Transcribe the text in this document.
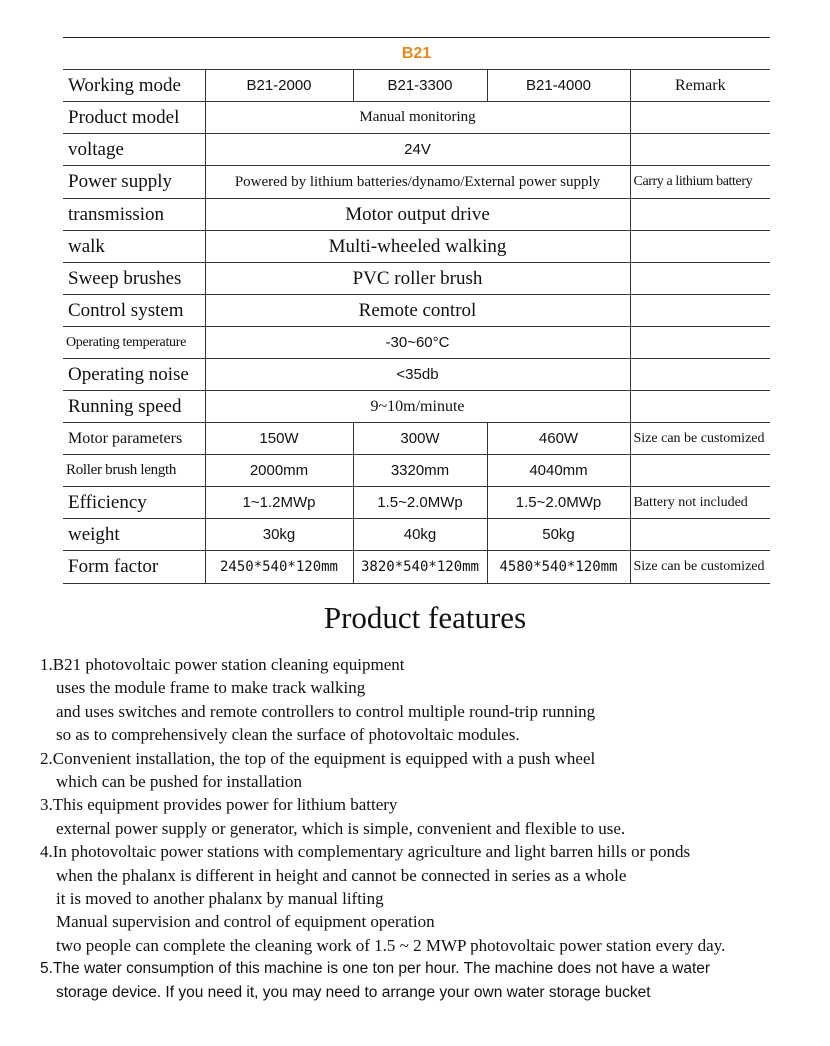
B21				
Working mode	B21-2000	B21-3300	B21-4000	Remark
Product model	Manual monitoring			
voltage	24V			
Power supply	Powered by lithium batteries/dynamo/External power supply			Carry a lithium battery
transmission	Motor output drive			
walk	Multi-wheeled walking			
Sweep brushes	PVC roller brush			
Control system	Remote control			
Operating temperature	-30~60°C			
Operating noise	<35db			
Running speed	9~10m/minute			
Motor parameters	150W	300W	460W	Size can be customized
Roller brush length	2000mm	3320mm	4040mm	
Efficiency	1~1.2MWp	1.5~2.0MWp	1.5~2.0MWp	Battery not included
weight	30kg	40kg	50kg	
Form factor	2450*540*120mm	3820*540*120mm	4580*540*120mm	Size can be customized
Product features
1.B21 photovoltaic power station cleaning equipment
uses the module frame to make track walking
and uses switches and remote controllers to control multiple round-trip running
so as to comprehensively clean the surface of photovoltaic modules.
2.Convenient installation, the top of the equipment is equipped with a push wheel
which can be pushed for installation
3.This equipment provides power for lithium battery
external power supply or generator, which is simple, convenient and flexible to use.
4.In photovoltaic power stations with complementary agriculture and light barren hills or ponds
when the phalanx is different in height and cannot be connected in series as a whole
it is moved to another phalanx by manual lifting
Manual supervision and control of equipment operation
two people can complete the cleaning work of 1.5 ~ 2 MWP photovoltaic power station every day.
5.The water consumption of this machine is one ton per hour. The machine does not have a water
storage device. If you need it, you may need to arrange your own water storage bucket
